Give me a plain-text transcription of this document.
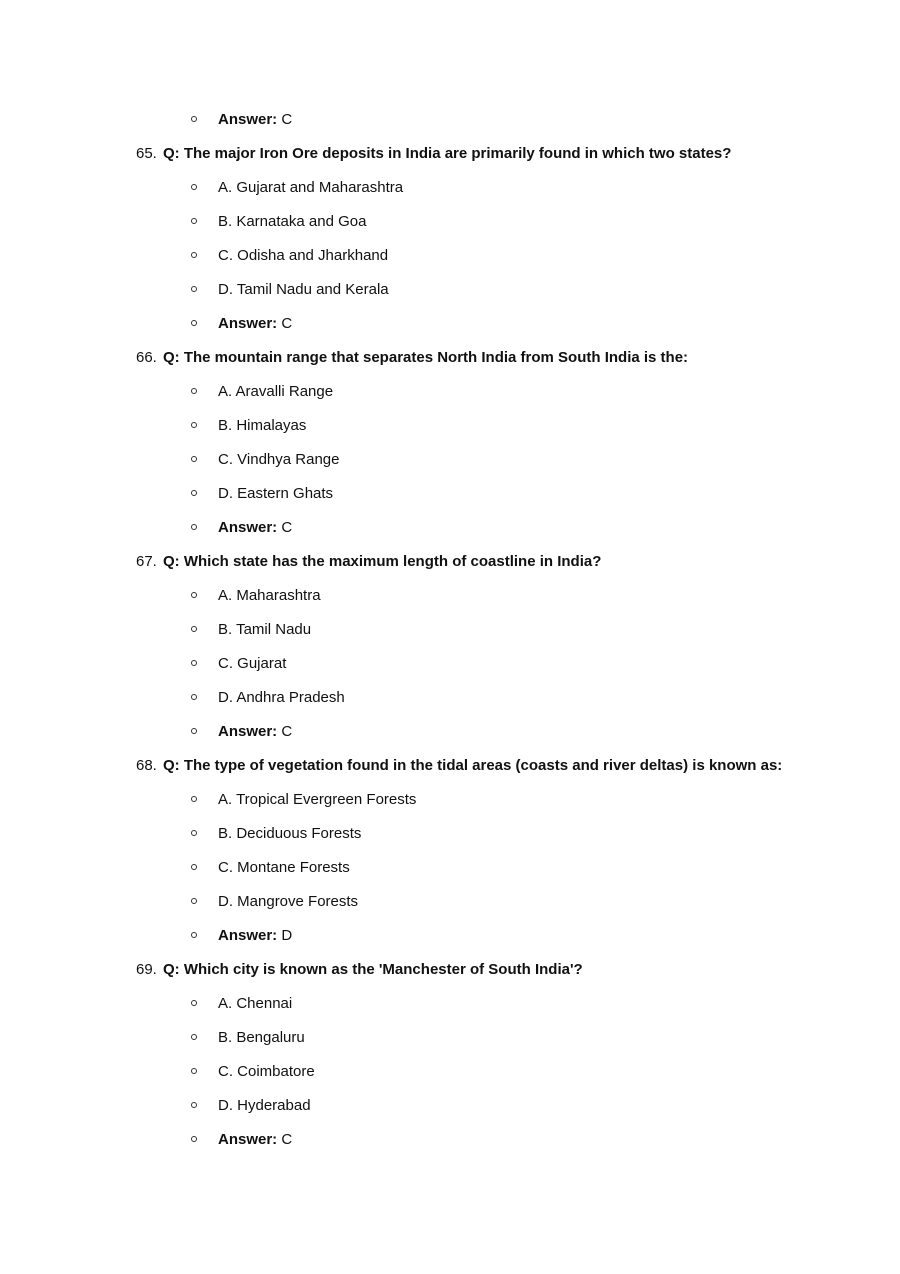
Answer: C
65. Q: The major Iron Ore deposits in India are primarily found in which two states?
A. Gujarat and Maharashtra
B. Karnataka and Goa
C. Odisha and Jharkhand
D. Tamil Nadu and Kerala
Answer: C
66. Q: The mountain range that separates North India from South India is the:
A. Aravalli Range
B. Himalayas
C. Vindhya Range
D. Eastern Ghats
Answer: C
67. Q: Which state has the maximum length of coastline in India?
A. Maharashtra
B. Tamil Nadu
C. Gujarat
D. Andhra Pradesh
Answer: C
68. Q: The type of vegetation found in the tidal areas (coasts and river deltas) is known as:
A. Tropical Evergreen Forests
B. Deciduous Forests
C. Montane Forests
D. Mangrove Forests
Answer: D
69. Q: Which city is known as the 'Manchester of South India'?
A. Chennai
B. Bengaluru
C. Coimbatore
D. Hyderabad
Answer: C
